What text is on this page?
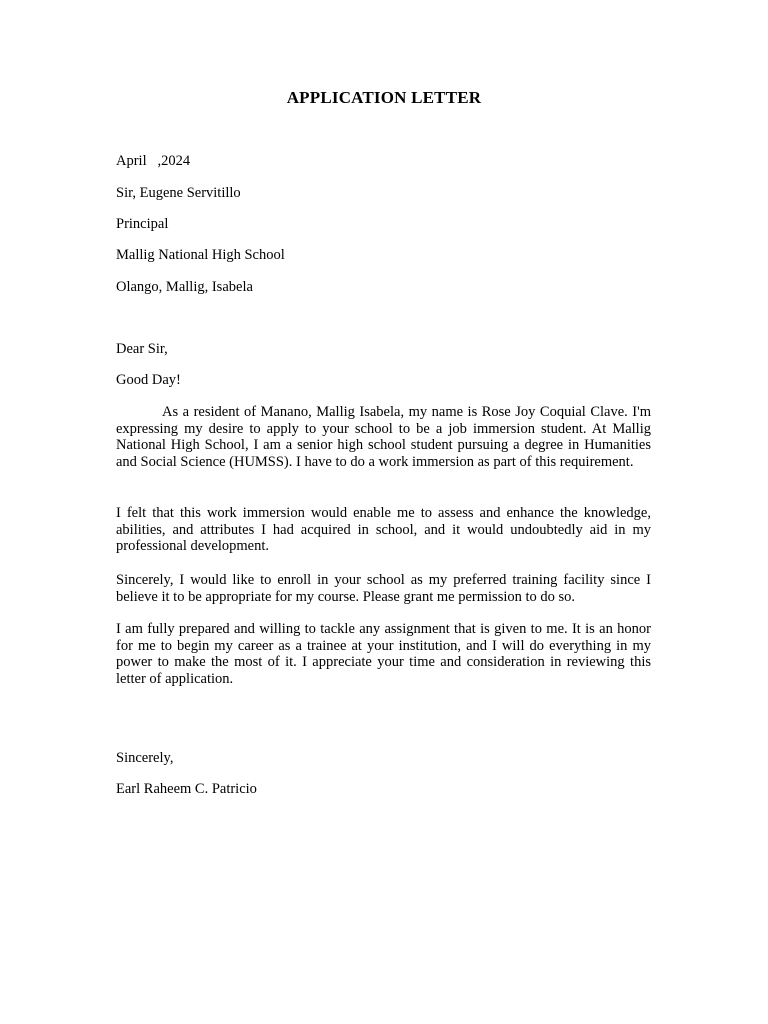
APPLICATION LETTER
April   ,2024
Sir, Eugene Servitillo
Principal
Mallig National High School
Olango, Mallig, Isabela
Dear Sir,
Good Day!
As a resident of Manano, Mallig Isabela, my name is Rose Joy Coquial Clave. I'm expressing my desire to apply to your school to be a job immersion student. At Mallig National High School, I am a senior high school student pursuing a degree in Humanities and Social Science (HUMSS). I have to do a work immersion as part of this requirement.
I felt that this work immersion would enable me to assess and enhance the knowledge, abilities, and attributes I had acquired in school, and it would undoubtedly aid in my professional development.
Sincerely, I would like to enroll in your school as my preferred training facility since I believe it to be appropriate for my course. Please grant me permission to do so.
I am fully prepared and willing to tackle any assignment that is given to me. It is an honor for me to begin my career as a trainee at your institution, and I will do everything in my power to make the most of it. I appreciate your time and consideration in reviewing this letter of application.
Sincerely,
Earl Raheem C. Patricio
